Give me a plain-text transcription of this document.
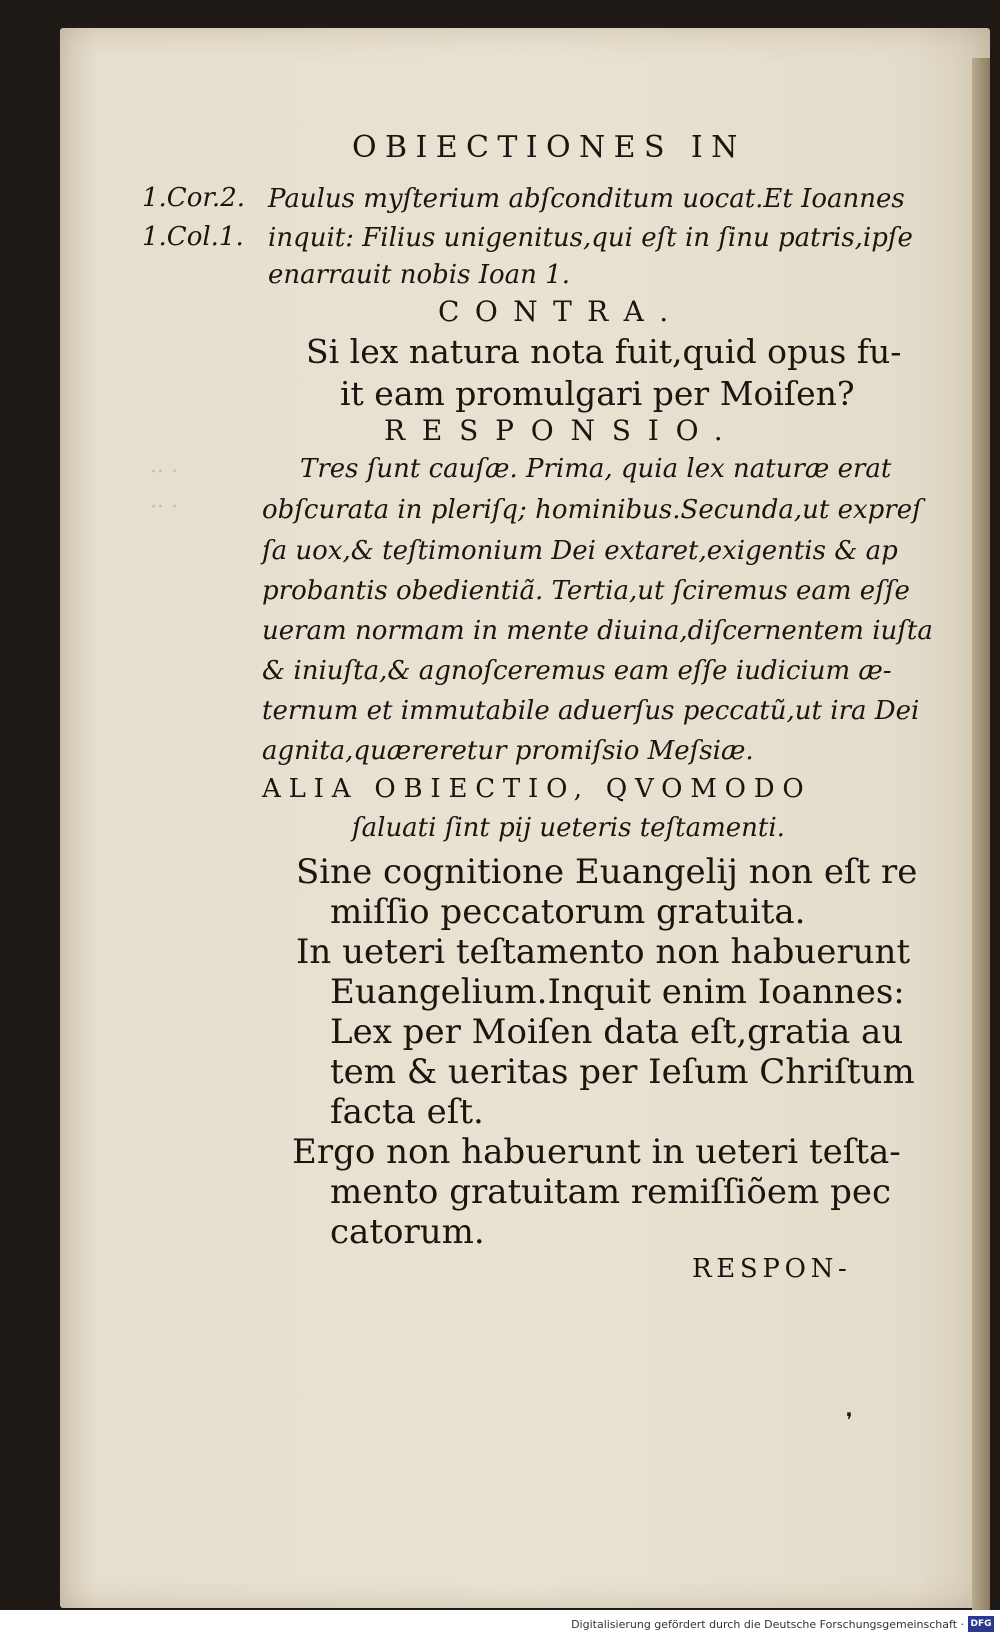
·· ·
·· ·
OBIECTIONES IN
1.Cor.2.
1.Col.1.
Paulus myſterium abſconditum uocat.Et Ioannes
inquit: Filius unigenitus,qui eſt in ſinu patris,ipſe
enarrauit nobis Ioan 1.
CONTRA.
Si lex natura nota fuit,quid opus fu-
it eam promulgari per Moiſen?
RESPONSIO.
Tres ſunt cauſæ. Prima, quia lex naturæ erat
obſcurata in pleriſq; hominibus.Secunda,ut expreſ
ſa uox,& teſtimonium Dei extaret,exigentis & ap
probantis obedientiã. Tertia,ut ſciremus eam eſſe
ueram normam in mente diuina,diſcernentem iuſta
& iniuſta,& agnoſceremus eam eſſe iudicium æ-
ternum et immutabile aduerſus peccatũ,ut ira Dei
agnita,quæreretur promiſsio Meſsiæ.
ALIA OBIECTIO, QVOMODO
ſaluati ſint pij ueteris teſtamenti.
Sine cognitione Euangelij non eſt re
miſſio peccatorum gratuita.
In ueteri teſtamento non habuerunt
Euangelium.Inquit enim Ioannes:
Lex per Moiſen data eſt,gratia au
tem & ueritas per Ieſum Chriſtum
facta eſt.
Ergo non habuerunt in ueteri teſta-
mento gratuitam remiſſiõem pec
catorum.
RESPON-
❜
Digitalisierung gefördert durch die Deutsche Forschungsgemeinschaft · DFG
